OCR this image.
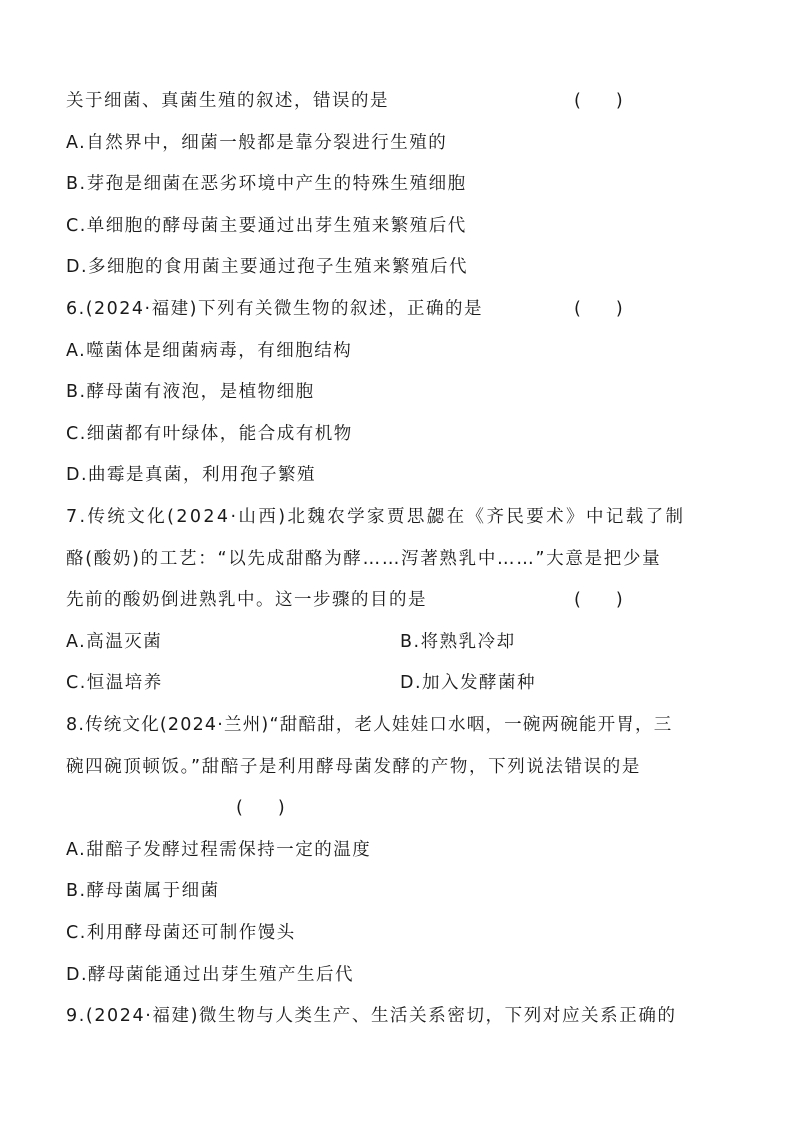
关于细菌、真菌生殖的叙述，错误的是	(　　)
A.自然界中，细菌一般都是靠分裂进行生殖的
B.芽孢是细菌在恶劣环境中产生的特殊生殖细胞
C.单细胞的酵母菌主要通过出芽生殖来繁殖后代
D.多细胞的食用菌主要通过孢子生殖来繁殖后代
6.(2024·福建)下列有关微生物的叙述，正确的是	(　　)
A.噬菌体是细菌病毒，有细胞结构
B.酵母菌有液泡，是植物细胞
C.细菌都有叶绿体，能合成有机物
D.曲霉是真菌，利用孢子繁殖
7.传统文化(2024·山西)北魏农学家贾思勰在《齐民要术》中记载了制
酪(酸奶)的工艺：“以先成甜酪为酵……泻著熟乳中……”大意是把少量
先前的酸奶倒进熟乳中。这一步骤的目的是	(　　)
A.高温灭菌	B.将熟乳冷却
C.恒温培养	D.加入发酵菌种
8.传统文化(2024·兰州)“甜醅甜，老人娃娃口水咽，一碗两碗能开胃，三
碗四碗顶顿饭。”甜醅子是利用酵母菌发酵的产物，下列说法错误的是
(　　)
A.甜醅子发酵过程需保持一定的温度
B.酵母菌属于细菌
C.利用酵母菌还可制作馒头
D.酵母菌能通过出芽生殖产生后代
9.(2024·福建)微生物与人类生产、生活关系密切，下列对应关系正确的
